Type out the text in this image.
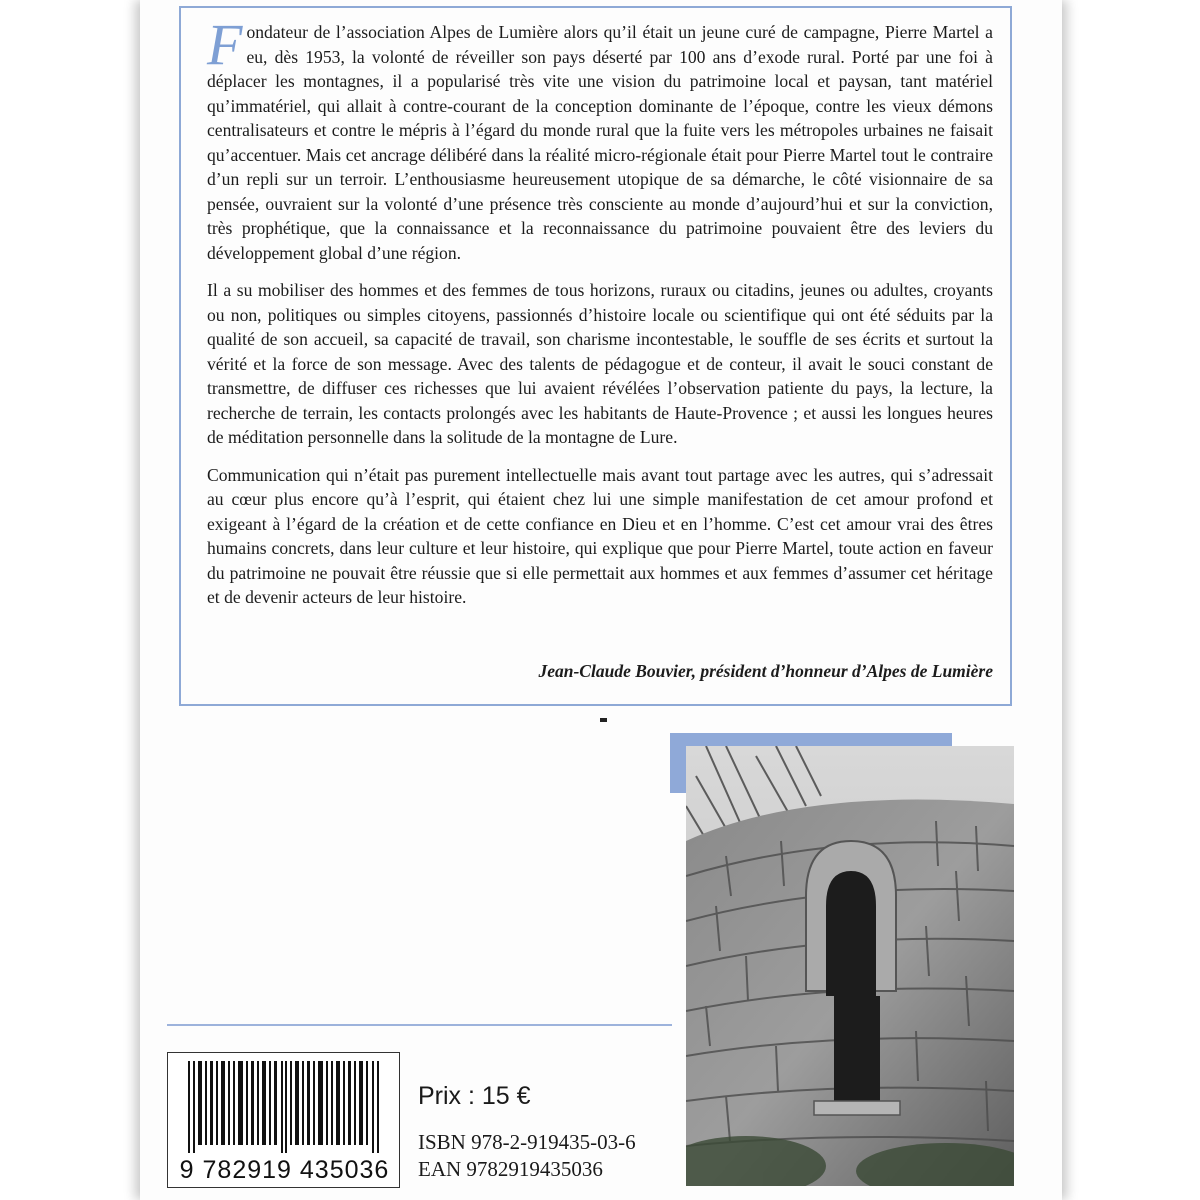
Fondateur de l’association Alpes de Lumière alors qu’il était un jeune curé de campagne, Pierre Martel a eu, dès 1953, la volonté de réveiller son pays déserté par 100 ans d’exode rural. Porté par une foi à déplacer les montagnes, il a popularisé très vite une vision du patrimoine local et paysan, tant matériel qu’immatériel, qui allait à contre-courant de la conception dominante de l’époque, contre les vieux démons centralisateurs et contre le mépris à l’égard du monde rural que la fuite vers les métropoles urbaines ne faisait qu’accentuer. Mais cet ancrage délibéré dans la réalité micro-régionale était pour Pierre Martel tout le contraire d’un repli sur un terroir. L’enthousiasme heureusement utopique de sa démarche, le côté visionnaire de sa pensée, ouvraient sur la volonté d’une présence très consciente au monde d’aujourd’hui et sur la conviction, très prophétique, que la connaissance et la reconnaissance du patrimoine pouvaient être des leviers du développement global d’une région.

Il a su mobiliser des hommes et des femmes de tous horizons, ruraux ou citadins, jeunes ou adultes, croyants ou non, politiques ou simples citoyens, passionnés d’histoire locale ou scientifique qui ont été séduits par la qualité de son accueil, sa capacité de travail, son charisme incontestable, le souffle de ses écrits et surtout la vérité et la force de son message. Avec des talents de pédagogue et de conteur, il avait le souci constant de transmettre, de diffuser ces richesses que lui avaient révélées l’observation patiente du pays, la lecture, la recherche de terrain, les contacts prolongés avec les habitants de Haute-Provence ; et aussi les longues heures de méditation personnelle dans la solitude de la montagne de Lure.

Communication qui n’était pas purement intellectuelle mais avant tout partage avec les autres, qui s’adressait au cœur plus encore qu’à l’esprit, qui étaient chez lui une simple manifestation de cet amour profond et exigeant à l’égard de la création et de cette confiance en Dieu et en l’homme. C’est cet amour vrai des êtres humains concrets, dans leur culture et leur histoire, qui explique que pour Pierre Martel, toute action en faveur du patrimoine ne pouvait être réussie que si elle permettait aux hommes et aux femmes d’assumer cet héritage et de devenir acteurs de leur histoire.

Jean-Claude Bouvier, président d’honneur d’Alpes de Lumière
9 782919 435036
Prix : 15 €
ISBN 978-2-919435-03-6
EAN 9782919435036
